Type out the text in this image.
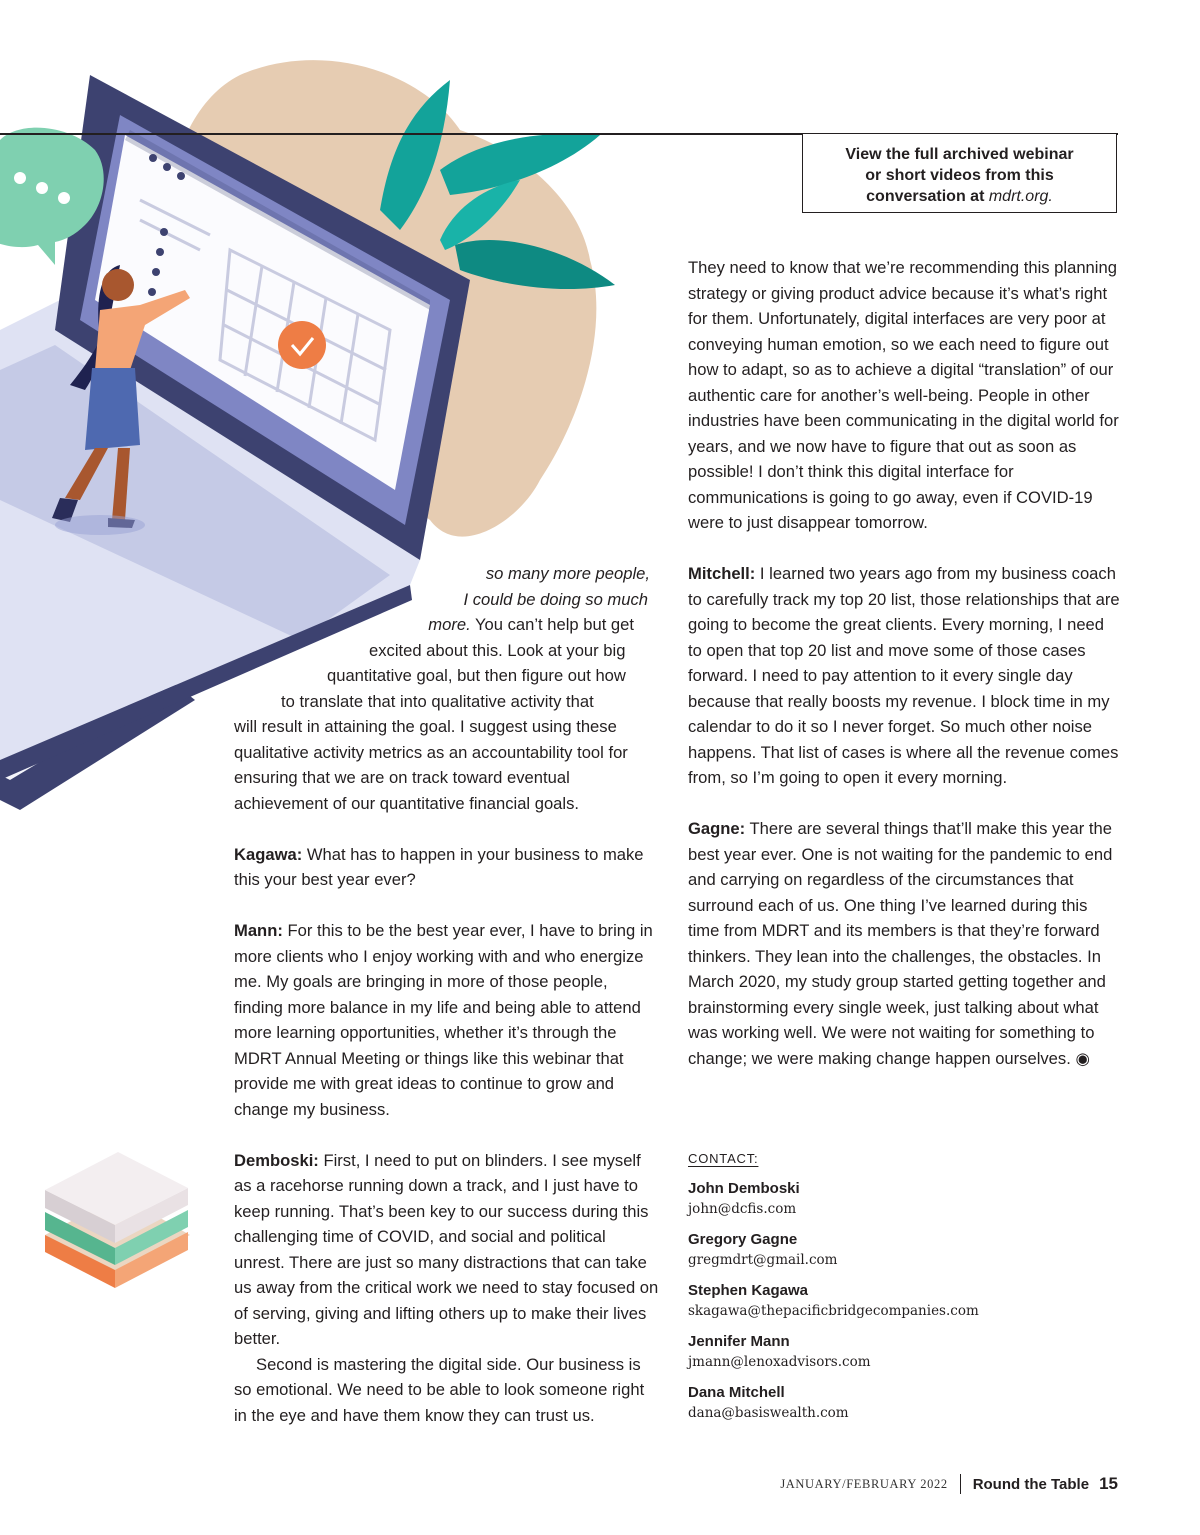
View the full archived webinar
or short videos from this
conversation at mdrt.org.
so many more people,
I could be doing so much
more. You can’t help but get
excited about this. Look at your big
quantitative goal, but then figure out how
to translate that into qualitative activity that

will result in attaining the goal. I suggest using these qualitative activity metrics as an accountability tool for ensuring that we are on track toward eventual achievement of our quantitative financial goals.

Kagawa: What has to happen in your business to make this your best year ever?

Mann: For this to be the best year ever, I have to bring in more clients who I enjoy working with and who energize me. My goals are bringing in more of those people, finding more balance in my life and being able to attend more learning opportunities, whether it’s through the MDRT Annual Meeting or things like this webinar that provide me with great ideas to continue to grow and change my business.

Demboski: First, I need to put on blinders. I see myself as a racehorse running down a track, and I just have to keep running. That’s been key to our success during this challenging time of COVID, and social and political unrest. There are just so many distractions that can take us away from the critical work we need to stay focused on of serving, giving and lifting others up to make their lives better.

Second is mastering the digital side. Our business is so emotional. We need to be able to look someone right in the eye and have them know they can trust us.

They need to know that we’re recommending this planning strategy or giving product advice because it’s what’s right for them. Unfortunately, digital interfaces are very poor at conveying human emotion, so we each need to figure out how to adapt, so as to achieve a digital “translation” of our authentic care for another’s well-being. People in other industries have been communicating in the digital world for years, and we now have to figure that out as soon as possible! I don’t think this digital interface for communications is going to go away, even if COVID-19 were to just disappear tomorrow.

Mitchell: I learned two years ago from my business coach to carefully track my top 20 list, those relationships that are going to become the great clients. Every morning, I need to open that top 20 list and move some of those cases forward. I need to pay attention to it every single day because that really boosts my revenue. I block time in my calendar to do it so I never forget. So much other noise happens. That list of cases is where all the revenue comes from, so I’m going to open it every morning.

Gagne: There are several things that’ll make this year the best year ever. One is not waiting for the pandemic to end and carrying on regardless of the circumstances that surround each of us. One thing I’ve learned during this time from MDRT and its members is that they’re forward thinkers. They lean into the challenges, the obstacles. In March 2020, my study group started getting together and brainstorming every single week, just talking about what was working well. We were not waiting for something to change; we were making change happen ourselves. ◉

CONTACT:
John Demboski
john@dcfis.com
Gregory Gagne
gregmdrt@gmail.com
Stephen Kagawa
skagawa@thepacificbridgecompanies.com
Jennifer Mann
jmann@lenoxadvisors.com
Dana Mitchell
dana@basiswealth.com
JANUARY/FEBRUARY 2022 Round the Table 15
